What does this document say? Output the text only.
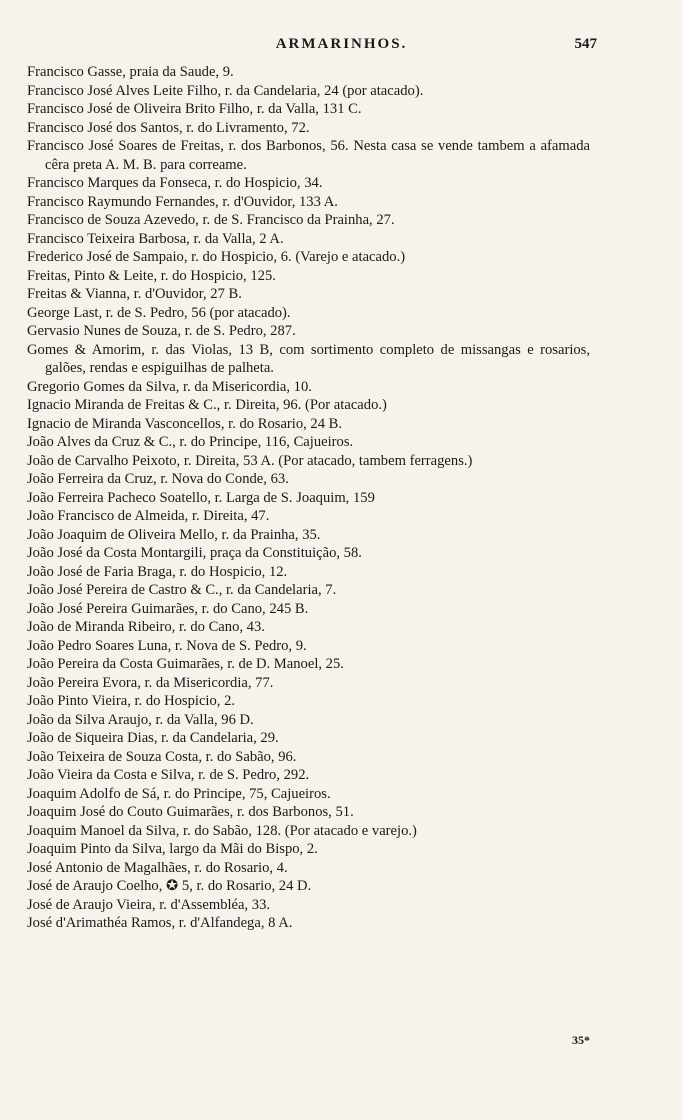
ARMARINHOS.	547

Francisco Gasse, praia da Saude, 9.

Francisco José Alves Leite Filho, r. da Candelaria, 24 (por atacado).

Francisco José de Oliveira Brito Filho, r. da Valla, 131 C.

Francisco José dos Santos, r. do Livramento, 72.

Francisco José Soares de Freitas, r. dos Barbonos, 56. Nesta casa se vende tambem a afamada cêra preta A. M. B. para correame.

Francisco Marques da Fonseca, r. do Hospicio, 34.

Francisco Raymundo Fernandes, r. d'Ouvidor, 133 A.

Francisco de Souza Azevedo, r. de S. Francisco da Prainha, 27.

Francisco Teixeira Barbosa, r. da Valla, 2 A.

Frederico José de Sampaio, r. do Hospicio, 6. (Varejo e atacado.)

Freitas, Pinto & Leite, r. do Hospicio, 125.

Freitas & Vianna, r. d'Ouvidor, 27 B.

George Last, r. de S. Pedro, 56 (por atacado).

Gervasio Nunes de Souza, r. de S. Pedro, 287.

Gomes & Amorim, r. das Violas, 13 B, com sortimento completo de missangas e rosarios, galões, rendas e espiguilhas de palheta.

Gregorio Gomes da Silva, r. da Misericordia, 10.

Ignacio Miranda de Freitas & C., r. Direita, 96. (Por atacado.)

Ignacio de Miranda Vasconcellos, r. do Rosario, 24 B.

João Alves da Cruz & C., r. do Principe, 116, Cajueiros.

João de Carvalho Peixoto, r. Direita, 53 A. (Por atacado, tambem ferragens.)

João Ferreira da Cruz, r. Nova do Conde, 63.

João Ferreira Pacheco Soatello, r. Larga de S. Joaquim, 159

João Francisco de Almeida, r. Direita, 47.

João Joaquim de Oliveira Mello, r. da Prainha, 35.

João José da Costa Montargili, praça da Constituição, 58.

João José de Faria Braga, r. do Hospicio, 12.

João José Pereira de Castro & C., r. da Candelaria, 7.

João José Pereira Guimarães, r. do Cano, 245 B.

João de Miranda Ribeiro, r. do Cano, 43.

João Pedro Soares Luna, r. Nova de S. Pedro, 9.

João Pereira da Costa Guimarães, r. de D. Manoel, 25.

João Pereira Evora, r. da Misericordia, 77.

João Pinto Vieira, r. do Hospicio, 2.

João da Silva Araujo, r. da Valla, 96 D.

João de Siqueira Dias, r. da Candelaria, 29.

João Teixeira de Souza Costa, r. do Sabão, 96.

João Vieira da Costa e Silva, r. de S. Pedro, 292.

Joaquim Adolfo de Sá, r. do Principe, 75, Cajueiros.

Joaquim José do Couto Guimarães, r. dos Barbonos, 51.

Joaquim Manoel da Silva, r. do Sabão, 128. (Por atacado e varejo.)

Joaquim Pinto da Silva, largo da Mãi do Bispo, 2.

José Antonio de Magalhães, r. do Rosario, 4.

José de Araujo Coelho, ✪ 5, r. do Rosario, 24 D.

José de Araujo Vieira, r. d'Assembléa, 33.

José d'Arimathéa Ramos, r. d'Alfandega, 8 A.

35*
